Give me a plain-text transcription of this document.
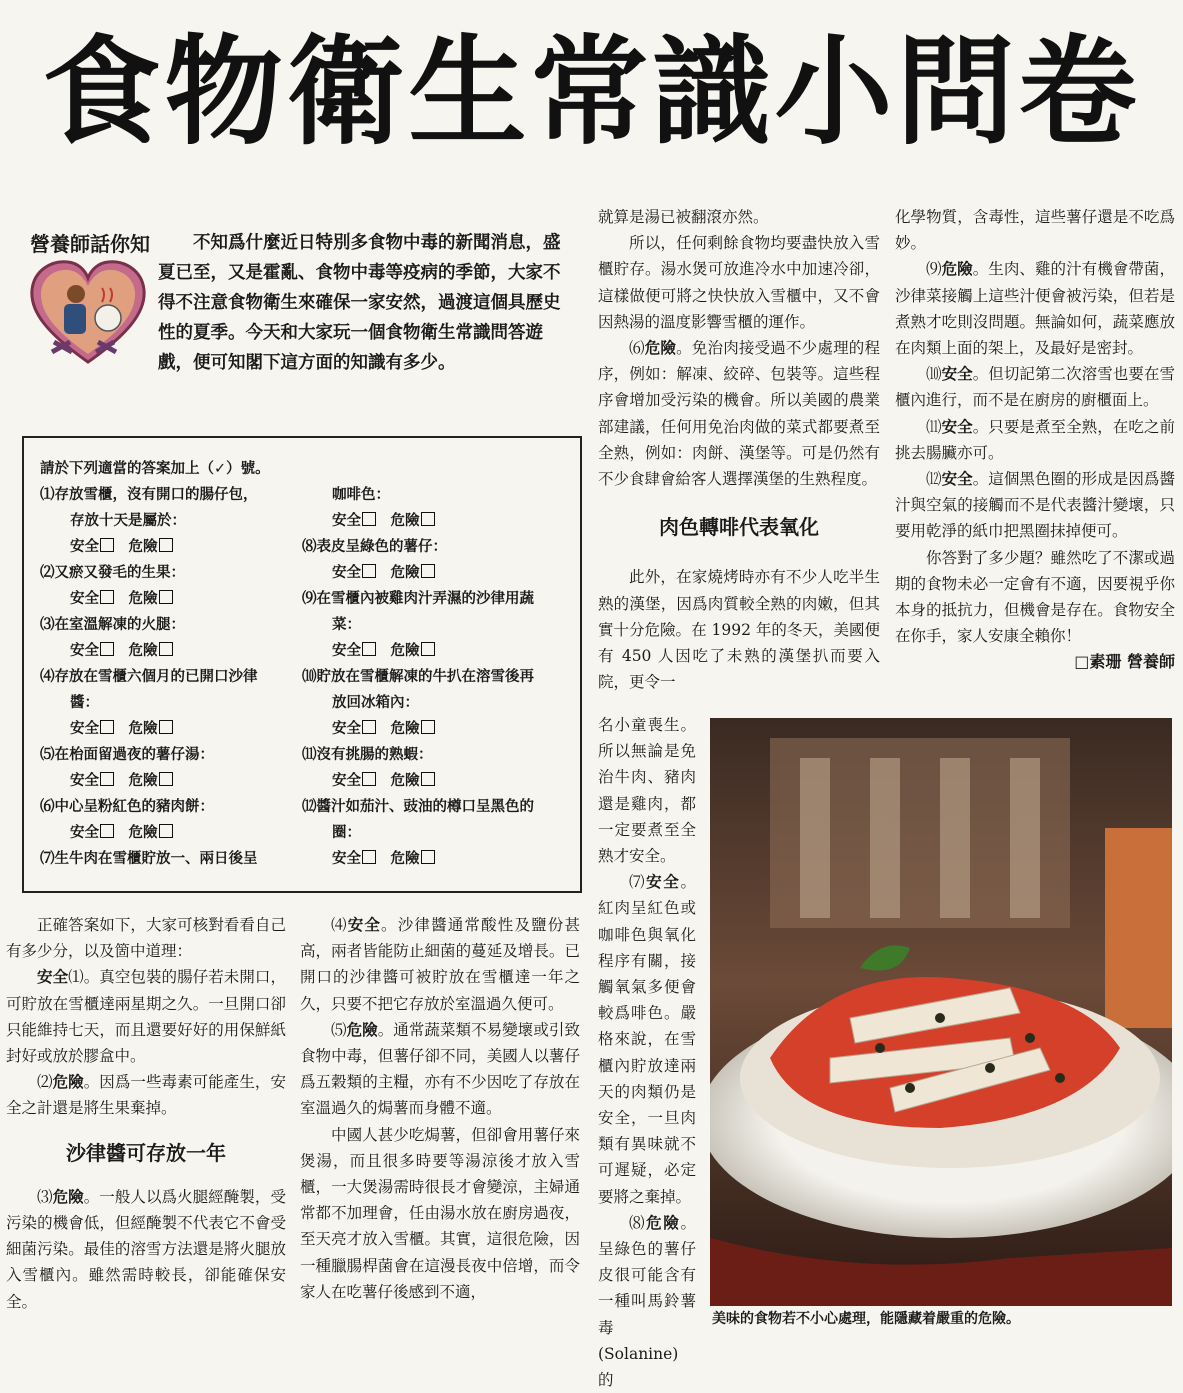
食物衛生常識小問卷
營養師話你知	不知爲什麼近日特別多食物中毒的新聞消息，盛夏已至，又是霍亂、食物中毒等疫病的季節，大家不得不注意食物衛生來確保一家安然，過渡這個具歷史性的夏季。今天和大家玩一個食物衛生常識問答遊戲，便可知閣下這方面的知識有多少。
請於下列適當的答案加上（✓）號。
⑴存放雪櫃，沒有開口的腸仔包，
存放十天是屬於：
安全　 危險
⑵又瘀又發毛的生果：
安全　 危險
⑶在室溫解凍的火腿：
安全　 危險
⑷存放在雪櫃六個月的已開口沙律
醬：
安全　 危險
⑸在枱面留過夜的薯仔湯：
安全　 危險
⑹中心呈粉紅色的豬肉餅：
安全　 危險
⑺生牛肉在雪櫃貯放一、兩日後呈
咖啡色：
安全　 危險
⑻表皮呈綠色的薯仔：
安全　 危險
⑼在雪櫃內被雞肉汁弄濕的沙律用蔬
菜：
安全　 危險
⑽貯放在雪櫃解凍的牛扒在溶雪後再
放回冰箱內：
安全　 危險
⑾沒有挑腸的熟蝦：
安全　 危險
⑿醬汁如茄汁、豉油的樽口呈黑色的
圈：
安全　 危險

正確答案如下，大家可核對看看自己有多少分，以及箇中道理：

安全⑴。真空包裝的腸仔若未開口，可貯放在雪櫃達兩星期之久。一旦開口卻只能維持七天，而且還要好好的用保鮮紙封好或放於膠盒中。

⑵危險。因爲一些毒素可能產生，安全之計還是將生果棄掉。

沙律醬可存放一年

⑶危險。一般人以爲火腿經醃製，受污染的機會低，但經醃製不代表它不會受細菌污染。最佳的溶雪方法還是將火腿放入雪櫃內。雖然需時較長，卻能確保安全。

⑷安全。沙律醬通常酸性及鹽份甚高，兩者皆能防止細菌的蔓延及增長。已開口的沙律醬可被貯放在雪櫃達一年之久，只要不把它存放於室溫過久便可。

⑸危險。通常蔬菜類不易變壞或引致食物中毒，但薯仔卻不同，美國人以薯仔爲五穀類的主糧，亦有不少因吃了存放在室溫過久的焗薯而身體不適。

中國人甚少吃焗薯，但卻會用薯仔來煲湯，而且很多時要等湯涼後才放入雪櫃，一大煲湯需時很長才會變涼，主婦通常都不加理會，任由湯水放在廚房過夜，至天亮才放入雪櫃。其實，這很危險，因一種臘腸桿菌會在這漫長夜中倍增，而令家人在吃薯仔後感到不適，

就算是湯已被翻滾亦然。

所以，任何剩餘食物均要盡快放入雪櫃貯存。湯水煲可放進冷水中加速冷卻，這樣做便可將之快快放入雪櫃中，又不會因熱湯的溫度影響雪櫃的運作。

⑹危險。免治肉接受過不少處理的程序，例如：解凍、絞碎、包裝等。這些程序會增加受污染的機會。所以美國的農業部建議，任何用免治肉做的菜式都要煮至全熟，例如：肉餅、漢堡等。可是仍然有不少食肆會給客人選擇漢堡的生熟程度。

肉色轉啡代表氧化

此外，在家燒烤時亦有不少人吃半生熟的漢堡，因爲肉質較全熟的肉嫩，但其實十分危險。在 1992 年的冬天，美國便有 450 人因吃了未熟的漢堡扒而要入院，更令一

名小童喪生。所以無論是免治牛肉、豬肉還是雞肉，都一定要煮至全熟才安全。

⑺安全。紅肉呈紅色或咖啡色與氧化程序有關，接觸氧氣多便會較爲啡色。嚴格來說，在雪櫃內貯放達兩天的肉類仍是安全，一旦肉類有異味就不可遲疑，必定要將之棄掉。

⑻危險。呈綠色的薯仔皮很可能含有一種叫馬鈴薯毒 (Solanine) 的

化學物質，含毒性，這些薯仔還是不吃爲妙。

⑼危險。生肉、雞的汁有機會帶菌，沙律菜接觸上這些汁便會被污染，但若是煮熟才吃則沒問題。無論如何，蔬菜應放在肉類上面的架上，及最好是密封。

⑽安全。但切記第二次溶雪也要在雪櫃內進行，而不是在廚房的廚櫃面上。

⑾安全。只要是煮至全熟，在吃之前挑去腸臟亦可。

⑿安全。這個黑色圈的形成是因爲醬汁與空氣的接觸而不是代表醬汁變壞，只要用乾淨的紙巾把黑圈抹掉便可。

你答對了多少題？雖然吃了不潔或過期的食物未必一定會有不適，因要視乎你本身的抵抗力，但機會是存在。食物安全在你手，家人安康全賴你！

□素珊 營養師
美味的食物若不小心處理，能隱藏着嚴重的危險。
